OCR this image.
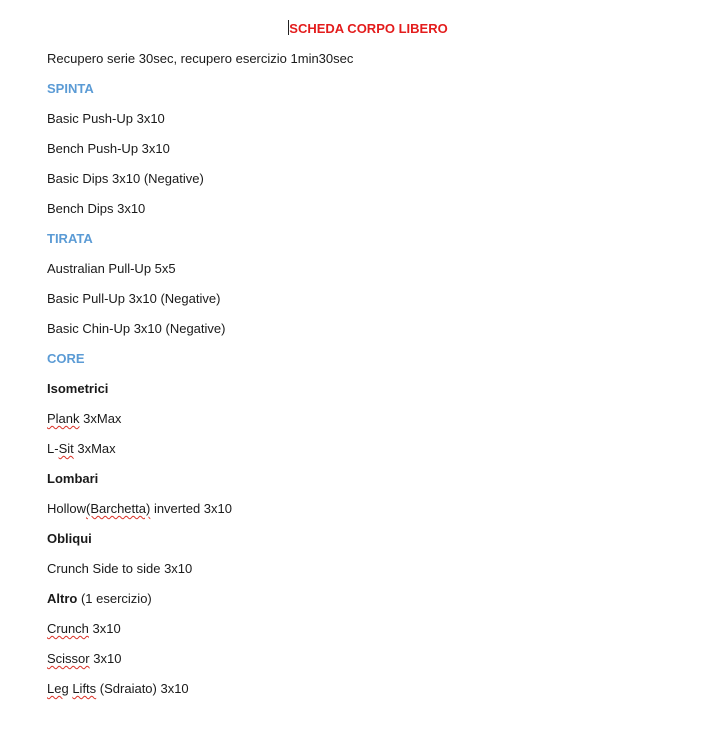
SCHEDA CORPO LIBERO
Recupero serie 30sec, recupero esercizio 1min30sec
SPINTA
Basic Push-Up 3x10
Bench Push-Up 3x10
Basic Dips 3x10 (Negative)
Bench Dips 3x10
TIRATA
Australian Pull-Up 5x5
Basic Pull-Up 3x10 (Negative)
Basic Chin-Up 3x10 (Negative)
CORE
Isometrici
Plank 3xMax
L-Sit 3xMax
Lombari
Hollow(Barchetta) inverted 3x10
Obliqui
Crunch Side to side 3x10
Altro (1 esercizio)
Crunch 3x10
Scissor 3x10
Leg Lifts (Sdraiato) 3x10
